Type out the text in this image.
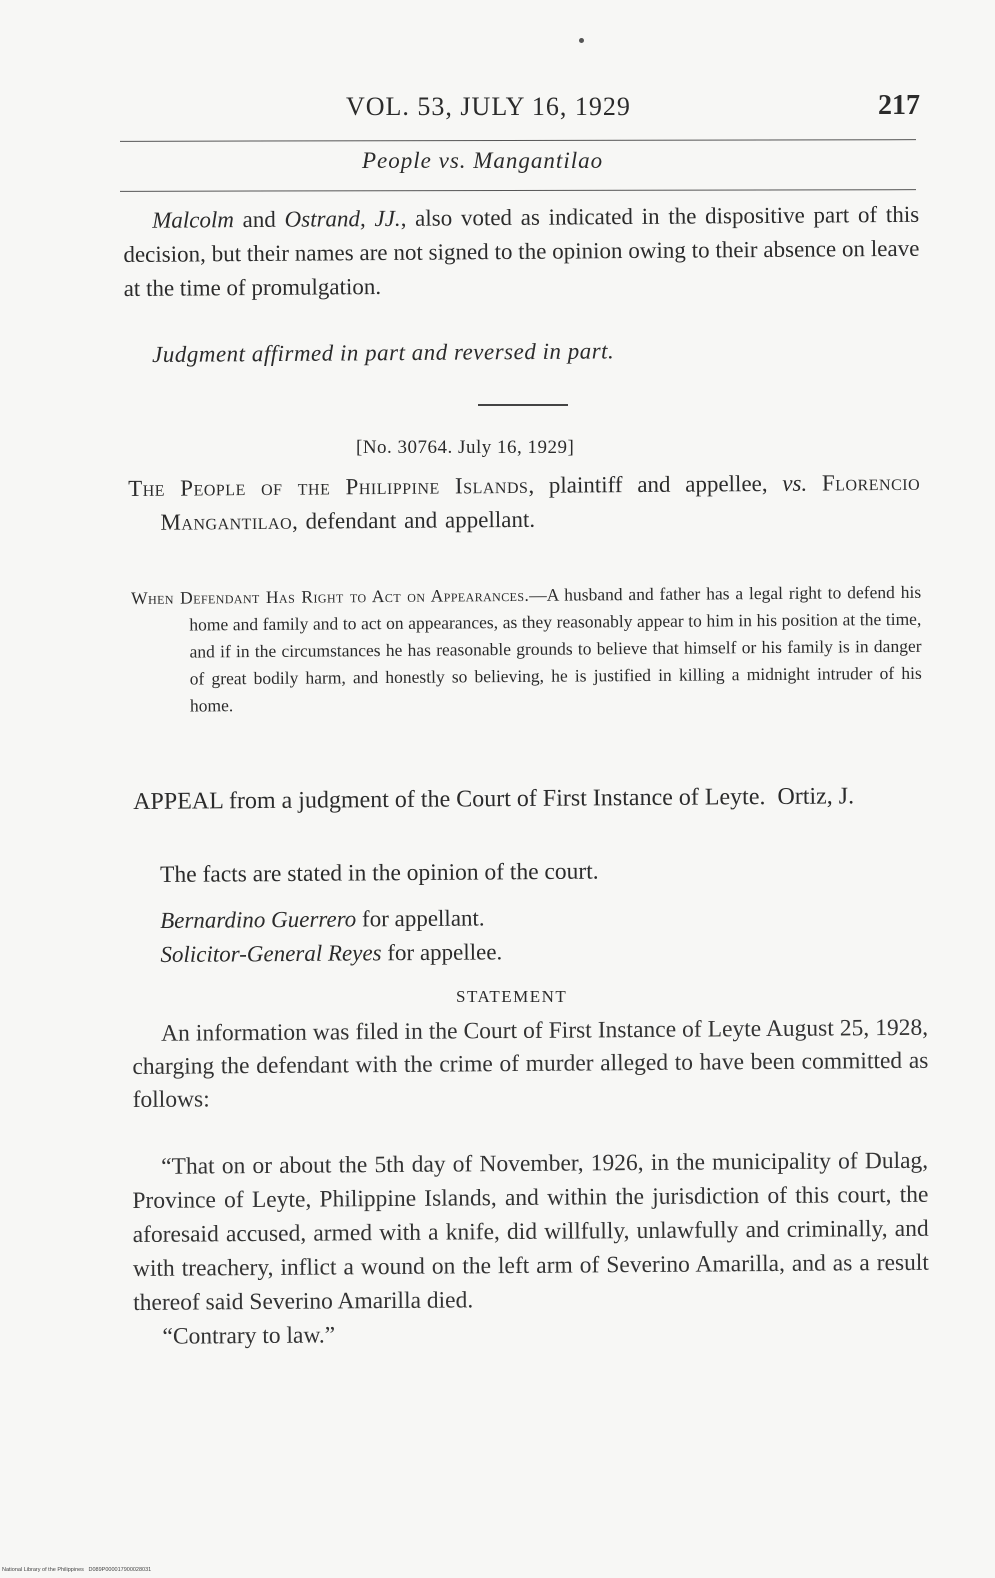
VOL. 53, JULY 16, 1929	217
People vs. Mangantilao

Malcolm and Ostrand, JJ., also voted as indicated in the dispositive part of this decision, but their names are not signed to the opinion owing to their absence on leave at the time of promulgation.

Judgment affirmed in part and reversed in part.
[No. 30764. July 16, 1929]

The People of the Philippine Islands, plaintiff and appellee, vs. Florencio Mangantilao, defendant and appellant.

When Defendant Has Right to Act on Appearances.—A husband and father has a legal right to defend his home and family and to act on appearances, as they reasonably appear to him in his position at the time, and if in the circumstances he has reasonable grounds to believe that himself or his family is in danger of great bodily harm, and honestly so believing, he is justified in killing a midnight intruder of his home.

APPEAL from a judgment of the Court of First Instance of Leyte. Ortiz, J.

The facts are stated in the opinion of the court.
Bernardino Guerrero for appellant.
Solicitor-General Reyes for appellee.
STATEMENT

An information was filed in the Court of First Instance of Leyte August 25, 1928, charging the defendant with the crime of murder alleged to have been committed as follows:

“That on or about the 5th day of November, 1926, in the municipality of Dulag, Province of Leyte, Philippine Islands, and within the jurisdiction of this court, the aforesaid accused, armed with a knife, did willfully, unlawfully and criminally, and with treachery, inflict a wound on the left arm of Severino Amarilla, and as a result thereof said Severino Amarilla died.

“Contrary to law.”

National Library of the Philippines D089P000017900028031
